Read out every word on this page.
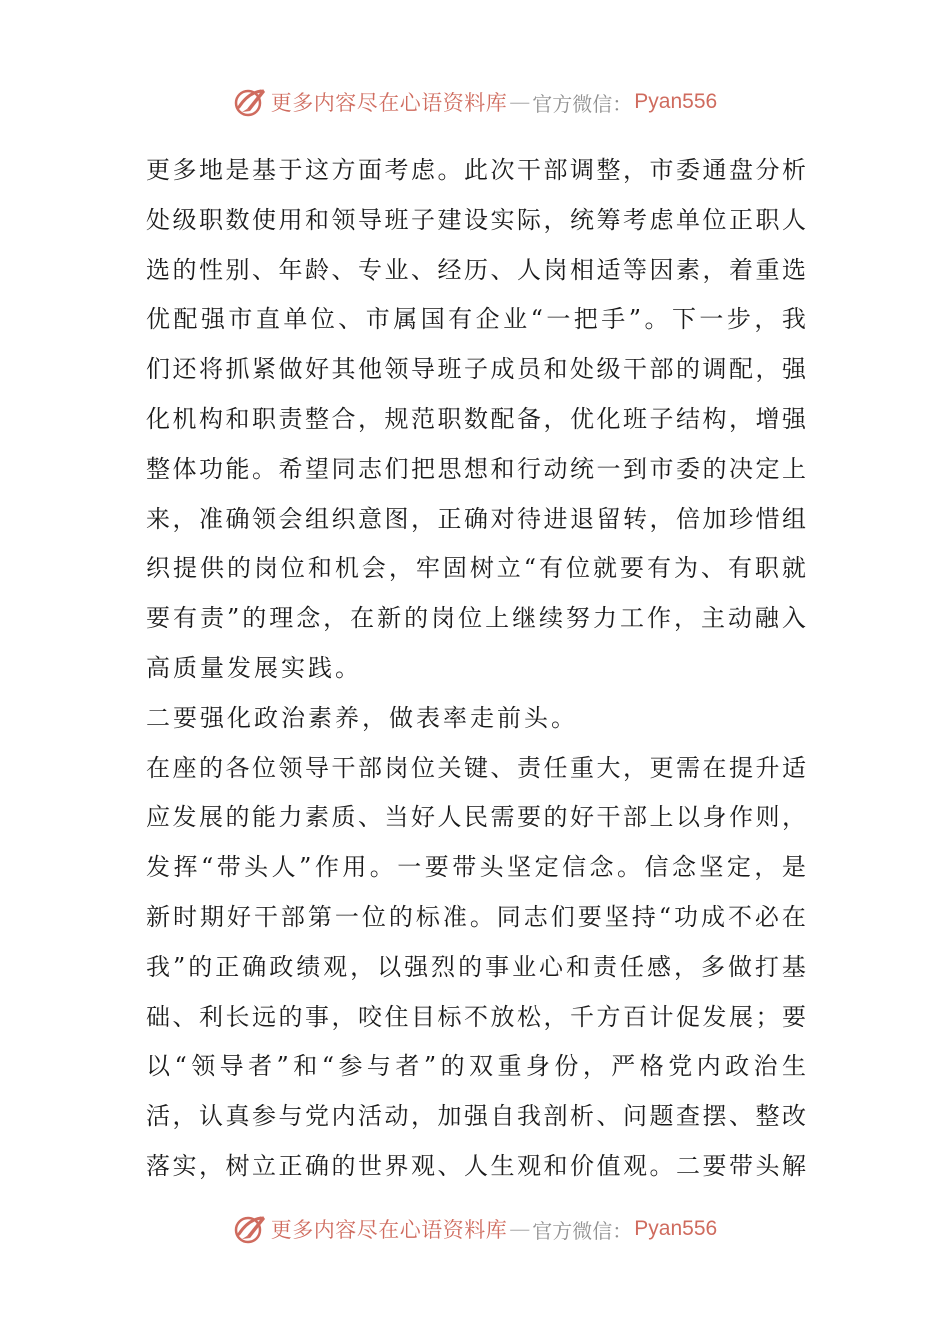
更多内容尽在心语资料库 — 官方微信： Pyan556
更 多 地 是 基 于 这 方 面 考 虑 。 此 次 干 部 调 整 ， 市 委 通 盘 分 析
处 级 职 数 使 用 和 领 导 班 子 建 设 实 际 ， 统 筹 考 虑 单 位 正 职 人
选 的 性 别 、 年 龄 、 专 业 、 经 历 、 人 岗 相 适 等 因 素 ， 着 重 选
优 配 强 市 直 单 位 、 市 属 国 有 企 业 “ 一 把 手 ” 。 下 一 步 ， 我
们 还 将 抓 紧 做 好 其 他 领 导 班 子 成 员 和 处 级 干 部 的 调 配 ， 强
化 机 构 和 职 责 整 合 ， 规 范 职 数 配 备 ， 优 化 班 子 结 构 ， 增 强
整 体 功 能 。 希 望 同 志 们 把 思 想 和 行 动 统 一 到 市 委 的 决 定 上
来 ， 准 确 领 会 组 织 意 图 ， 正 确 对 待 进 退 留 转 ， 倍 加 珍 惜 组
织 提 供 的 岗 位 和 机 会 ， 牢 固 树 立 “ 有 位 就 要 有 为 、 有 职 就
要 有 责 ” 的 理 念 ， 在 新 的 岗 位 上 继 续 努 力 工 作 ， 主 动 融 入
高质量发展实践。
二要强化政治素养，做表率走前头。
在 座 的 各 位 领 导 干 部 岗 位 关 键 、 责 任 重 大 ， 更 需 在 提 升 适
应 发 展 的 能 力 素 质 、 当 好 人 民 需 要 的 好 干 部 上 以 身 作 则 ，
发 挥 “ 带 头 人 ” 作 用 。 一 要 带 头 坚 定 信 念 。 信 念 坚 定 ， 是
新 时 期 好 干 部 第 一 位 的 标 准 。 同 志 们 要 坚 持 “ 功 成 不 必 在
我 ” 的 正 确 政 绩 观 ， 以 强 烈 的 事 业 心 和 责 任 感 ， 多 做 打 基
础 、 利 长 远 的 事 ， 咬 住 目 标 不 放 松 ， 千 方 百 计 促 发 展 ； 要
以 “ 领 导 者 ” 和 “ 参 与 者 ” 的 双 重 身 份 ， 严 格 党 内 政 治 生
活 ， 认 真 参 与 党 内 活 动 ， 加 强 自 我 剖 析 、 问 题 查 摆 、 整 改
落 实 ， 树 立 正 确 的 世 界 观 、 人 生 观 和 价 值 观 。 二 要 带 头 解
更多内容尽在心语资料库 — 官方微信： Pyan556
